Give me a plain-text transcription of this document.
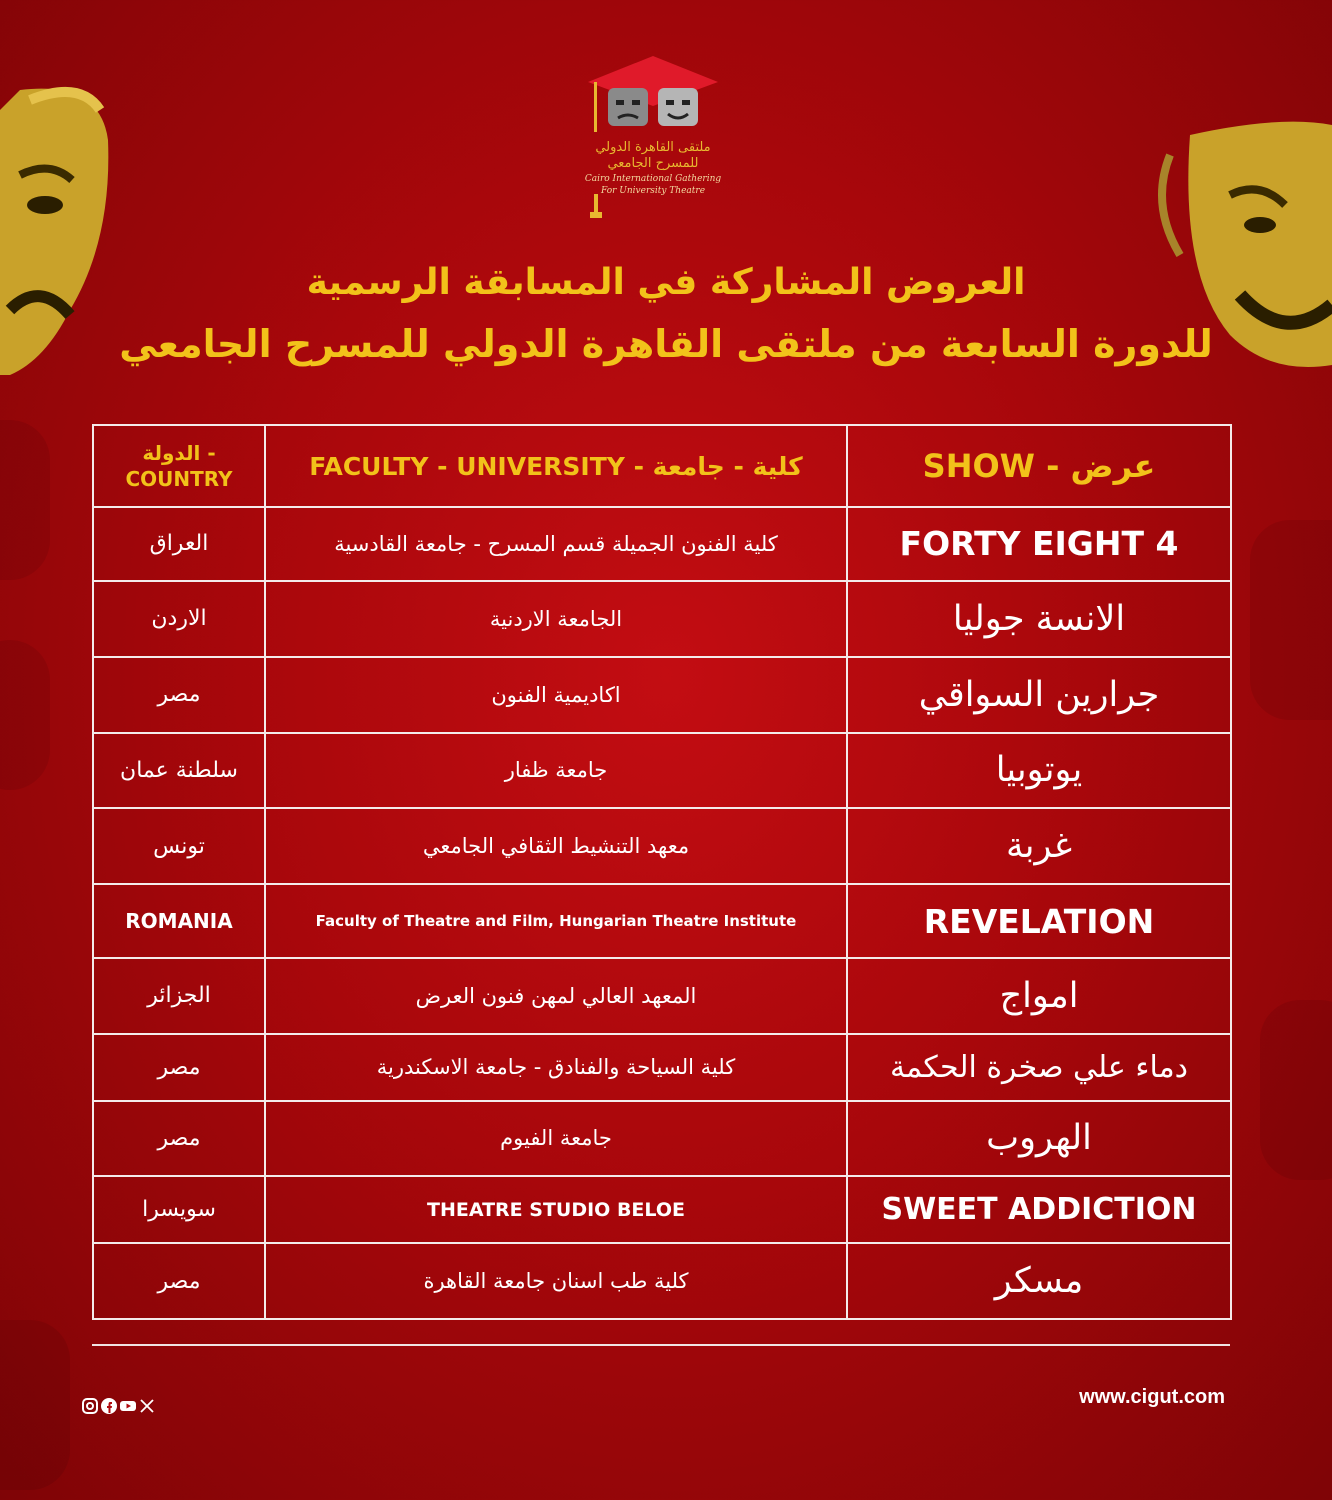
ملتقى القاهرة الدولي
للمسرح الجامعي
Cairo International Gathering
For University Theatre
العروض المشاركة في المسابقة الرسمية
للدورة السابعة من ملتقى القاهرة الدولي للمسرح الجامعي
الدولة - COUNTRY	FACULTY - UNIVERSITY - كلية - جامعة	SHOW - عرض
العراق	كلية الفنون الجميلة قسم المسرح - جامعة القادسية	FORTY EIGHT 4
الاردن	الجامعة الاردنية	الانسة جوليا
مصر	اكاديمية الفنون	جرارين السواقي
سلطنة عمان	جامعة ظفار	يوتوبيا
تونس	معهد التنشيط الثقافي الجامعي	غربة
ROMANIA	Faculty of Theatre and Film, Hungarian Theatre Institute	REVELATION
الجزائر	المعهد العالي لمهن فنون العرض	امواج
مصر	كلية السياحة والفنادق - جامعة الاسكندرية	دماء علي صخرة الحكمة
مصر	جامعة الفيوم	الهروب
سويسرا	THEATRE STUDIO BELOE	SWEET ADDICTION
مصر	كلية طب اسنان جامعة القاهرة	مسكر
www.cigut.com
